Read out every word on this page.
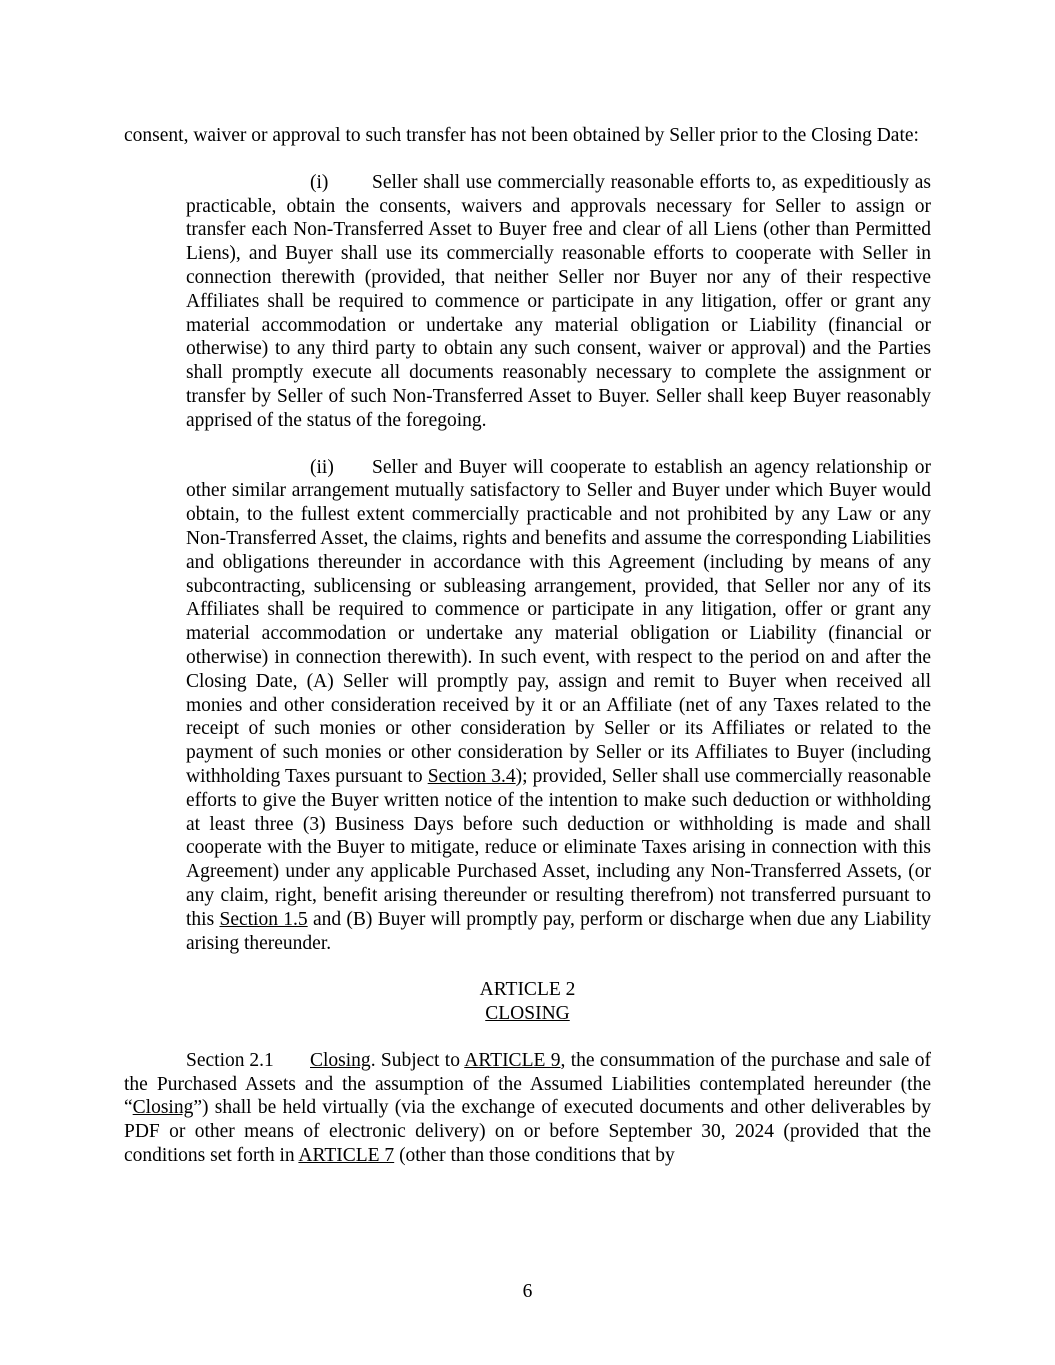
consent, waiver or approval to such transfer has not been obtained by Seller prior to the Closing Date:

(i) Seller shall use commercially reasonable efforts to, as expeditiously as practicable, obtain the consents, waivers and approvals necessary for Seller to assign or transfer each Non-Transferred Asset to Buyer free and clear of all Liens (other than Permitted Liens), and Buyer shall use its commercially reasonable efforts to cooperate with Seller in connection therewith (provided, that neither Seller nor Buyer nor any of their respective Affiliates shall be required to commence or participate in any litigation, offer or grant any material accommodation or undertake any material obligation or Liability (financial or otherwise) to any third party to obtain any such consent, waiver or approval) and the Parties shall promptly execute all documents reasonably necessary to complete the assignment or transfer by Seller of such Non-Transferred Asset to Buyer. Seller shall keep Buyer reasonably apprised of the status of the foregoing.

(ii) Seller and Buyer will cooperate to establish an agency relationship or other similar arrangement mutually satisfactory to Seller and Buyer under which Buyer would obtain, to the fullest extent commercially practicable and not prohibited by any Law or any Non-Transferred Asset, the claims, rights and benefits and assume the corresponding Liabilities and obligations thereunder in accordance with this Agreement (including by means of any subcontracting, sublicensing or subleasing arrangement, provided, that Seller nor any of its Affiliates shall be required to commence or participate in any litigation, offer or grant any material accommodation or undertake any material obligation or Liability (financial or otherwise) in connection therewith). In such event, with respect to the period on and after the Closing Date, (A) Seller will promptly pay, assign and remit to Buyer when received all monies and other consideration received by it or an Affiliate (net of any Taxes related to the receipt of such monies or other consideration by Seller or its Affiliates or related to the payment of such monies or other consideration by Seller or its Affiliates to Buyer (including withholding Taxes pursuant to Section 3.4); provided, Seller shall use commercially reasonable efforts to give the Buyer written notice of the intention to make such deduction or withholding at least three (3) Business Days before such deduction or withholding is made and shall cooperate with the Buyer to mitigate, reduce or eliminate Taxes arising in connection with this Agreement) under any applicable Purchased Asset, including any Non-Transferred Assets, (or any claim, right, benefit arising thereunder or resulting therefrom) not transferred pursuant to this Section 1.5 and (B) Buyer will promptly pay, perform or discharge when due any Liability arising thereunder.

ARTICLE 2
CLOSING

Section 2.1 Closing. Subject to ARTICLE 9, the consummation of the purchase and sale of the Purchased Assets and the assumption of the Assumed Liabilities contemplated hereunder (the “Closing”) shall be held virtually (via the exchange of executed documents and other deliverables by PDF or other means of electronic delivery) on or before September 30, 2024 (provided that the conditions set forth in ARTICLE 7 (other than those conditions that by

6
